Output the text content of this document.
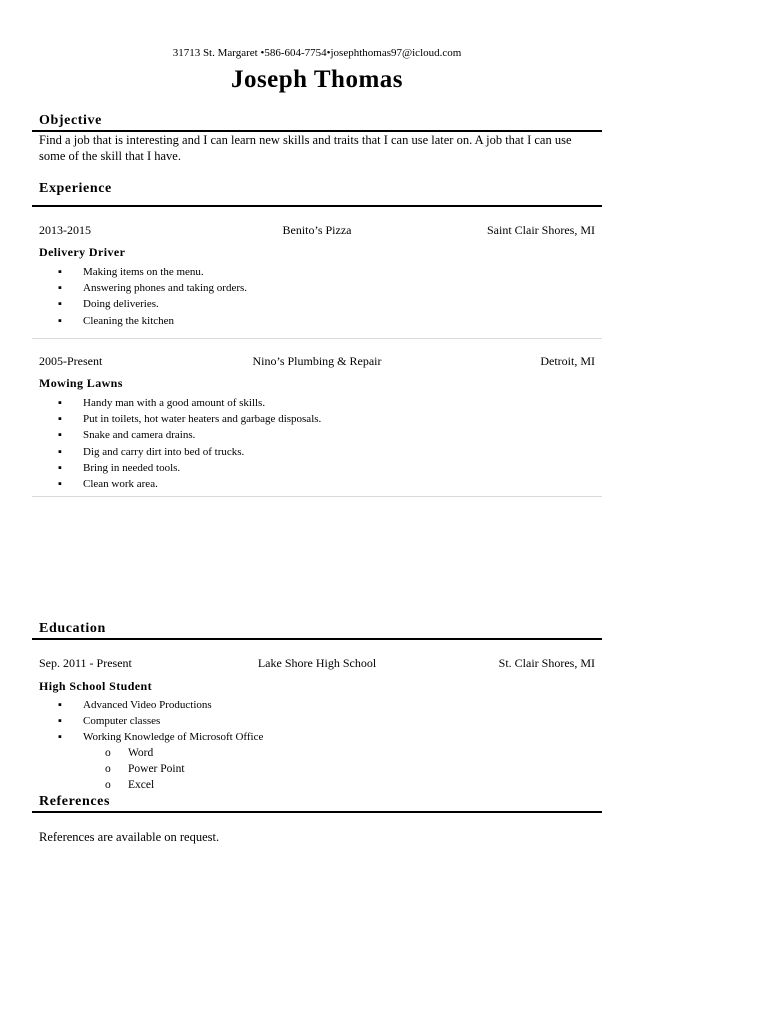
31713 St. Margaret •586-604-7754•josephthomas97@icloud.com
Joseph Thomas
Objective
Find a job that is interesting and I can learn new skills and traits that I can use later on. A job that I can use some of the skill that I have.
Experience
2013-2015	Benito’s Pizza	Saint Clair Shores, MI
Delivery Driver
▪ Making items on the menu.
▪ Answering phones and taking orders.
▪ Doing deliveries.
▪ Cleaning the kitchen
2005-Present	Nino’s Plumbing & Repair	Detroit, MI
Mowing Lawns
▪ Handy man with a good amount of skills.
▪ Put in toilets, hot water heaters and garbage disposals.
▪ Snake and camera drains.
▪ Dig and carry dirt into bed of trucks.
▪ Bring in needed tools.
▪ Clean work area.
Education
Sep. 2011 - Present	Lake Shore High School	St. Clair Shores, MI
High School Student
▪ Advanced Video Productions
▪ Computer classes
▪ Working Knowledge of Microsoft Office
o Word
o Power Point
o Excel
References
References are available on request.
